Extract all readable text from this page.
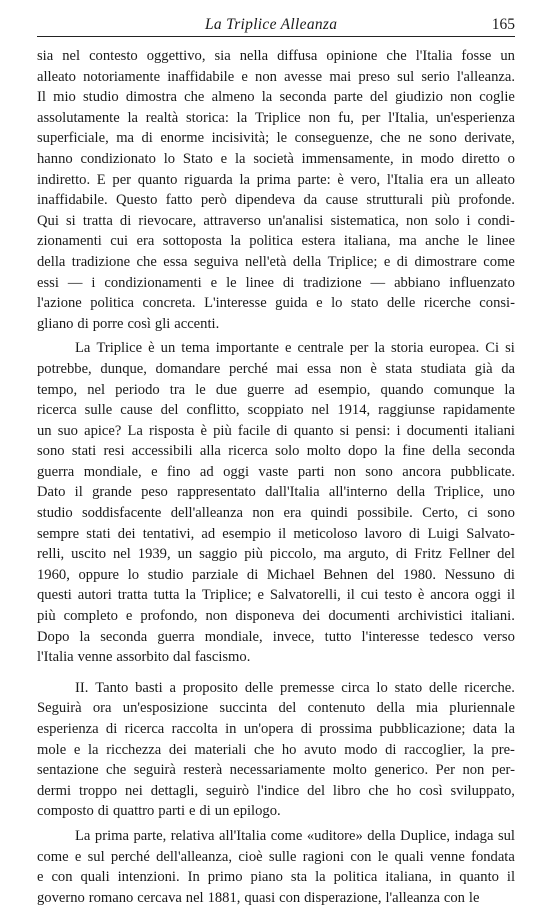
La Triplice Alleanza	165
sia nel contesto oggettivo, sia nella diffusa opinione che l'Italia fosse un
alleato notoriamente inaffidabile e non avesse mai preso sul serio l'alleanza.
Il mio studio dimostra che almeno la seconda parte del giudizio non coglie
assolutamente la realtà storica: la Triplice non fu, per l'Italia, un'esperienza
superficiale, ma di enorme incisività; le conseguenze, che ne sono derivate,
hanno condizionato lo Stato e la società immensamente, in modo diretto o
indiretto. E per quanto riguarda la prima parte: è vero, l'Italia era un alleato
inaffidabile. Questo fatto però dipendeva da cause strutturali più profonde.
Qui si tratta di rievocare, attraverso un'analisi sistematica, non solo i condi-
zionamenti cui era sottoposta la politica estera italiana, ma anche le linee
della tradizione che essa seguiva nell'età della Triplice; e di dimostrare come
essi — i condizionamenti e le linee di tradizione — abbiano influenzato
l'azione politica concreta. L'interesse guida e lo stato delle ricerche consi-
gliano di porre così gli accenti.
La Triplice è un tema importante e centrale per la storia europea. Ci si
potrebbe, dunque, domandare perché mai essa non è stata studiata già da
tempo, nel periodo tra le due guerre ad esempio, quando comunque la
ricerca sulle cause del conflitto, scoppiato nel 1914, raggiunse rapidamente
un suo apice? La risposta è più facile di quanto si pensi: i documenti italiani
sono stati resi accessibili alla ricerca solo molto dopo la fine della seconda
guerra mondiale, e fino ad oggi vaste parti non sono ancora pubblicate.
Dato il grande peso rappresentato dall'Italia all'interno della Triplice, uno
studio soddisfacente dell'alleanza non era quindi possibile. Certo, ci sono
sempre stati dei tentativi, ad esempio il meticoloso lavoro di Luigi Salvato-
relli, uscito nel 1939, un saggio più piccolo, ma arguto, di Fritz Fellner del
1960, oppure lo studio parziale di Michael Behnen del 1980. Nessuno di
questi autori tratta tutta la Triplice; e Salvatorelli, il cui testo è ancora oggi il
più completo e profondo, non disponeva dei documenti archivistici italiani.
Dopo la seconda guerra mondiale, invece, tutto l'interesse tedesco verso
l'Italia venne assorbito dal fascismo.
II. Tanto basti a proposito delle premesse circa lo stato delle ricerche.
Seguirà ora un'esposizione succinta del contenuto della mia pluriennale
esperienza di ricerca raccolta in un'opera di prossima pubblicazione; data la
mole e la ricchezza dei materiali che ho avuto modo di raccoglier, la pre-
sentazione che seguirà resterà necessariamente molto generico. Per non per-
dermi troppo nei dettagli, seguirò l'indice del libro che ho così sviluppato,
composto di quattro parti e di un epilogo.
La prima parte, relativa all'Italia come «uditore» della Duplice, indaga sul
come e sul perché dell'alleanza, cioè sulle ragioni con le quali venne fondata
e con quali intenzioni. In primo piano sta la politica italiana, in quanto il
governo romano cercava nel 1881, quasi con disperazione, l'alleanza con le
